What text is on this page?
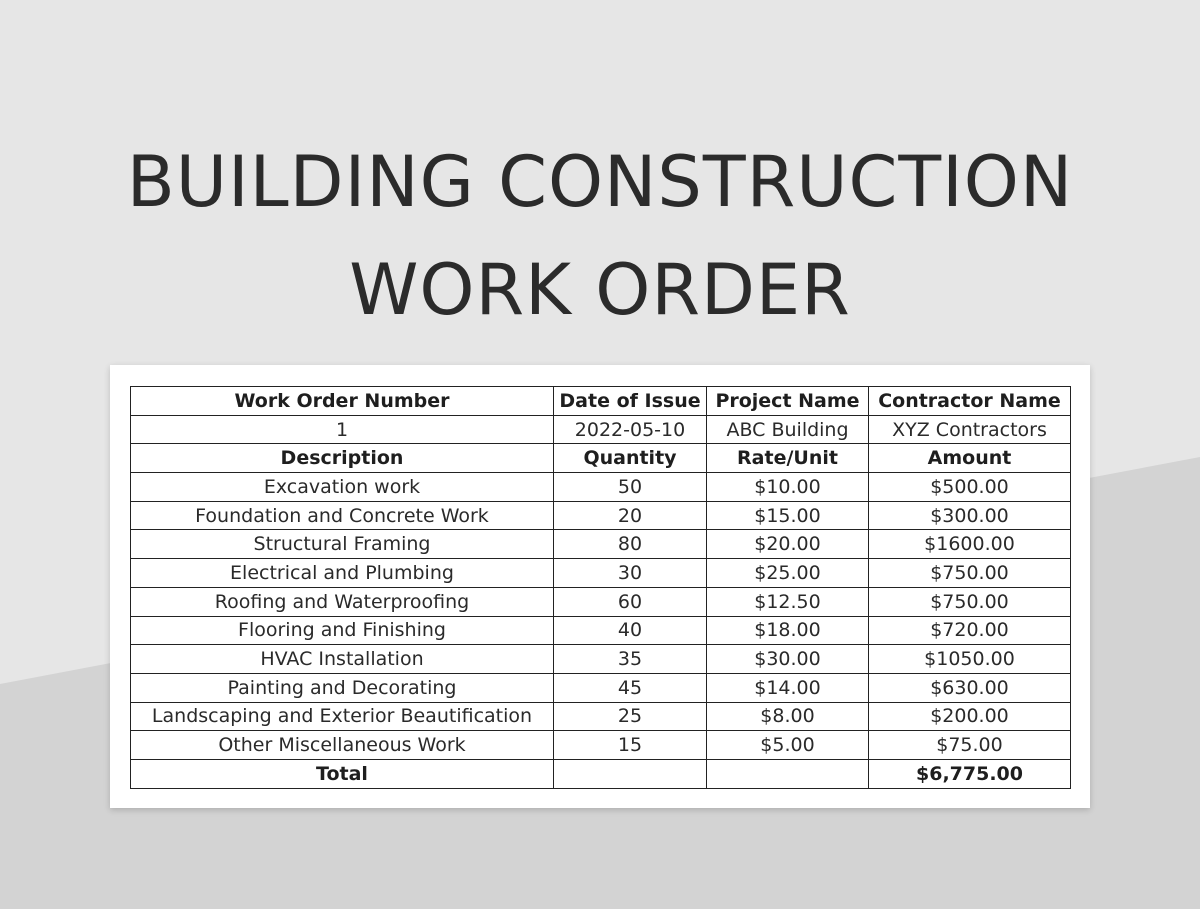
BUILDING CONSTRUCTION
WORK ORDER
Work Order Number	Date of Issue	Project Name	Contractor Name
1	2022-05-10	ABC Building	XYZ Contractors
Description	Quantity	Rate/Unit	Amount
Excavation work	50	$10.00	$500.00
Foundation and Concrete Work	20	$15.00	$300.00
Structural Framing	80	$20.00	$1600.00
Electrical and Plumbing	30	$25.00	$750.00
Roofing and Waterproofing	60	$12.50	$750.00
Flooring and Finishing	40	$18.00	$720.00
HVAC Installation	35	$30.00	$1050.00
Painting and Decorating	45	$14.00	$630.00
Landscaping and Exterior Beautification	25	$8.00	$200.00
Other Miscellaneous Work	15	$5.00	$75.00
Total			$6,775.00
